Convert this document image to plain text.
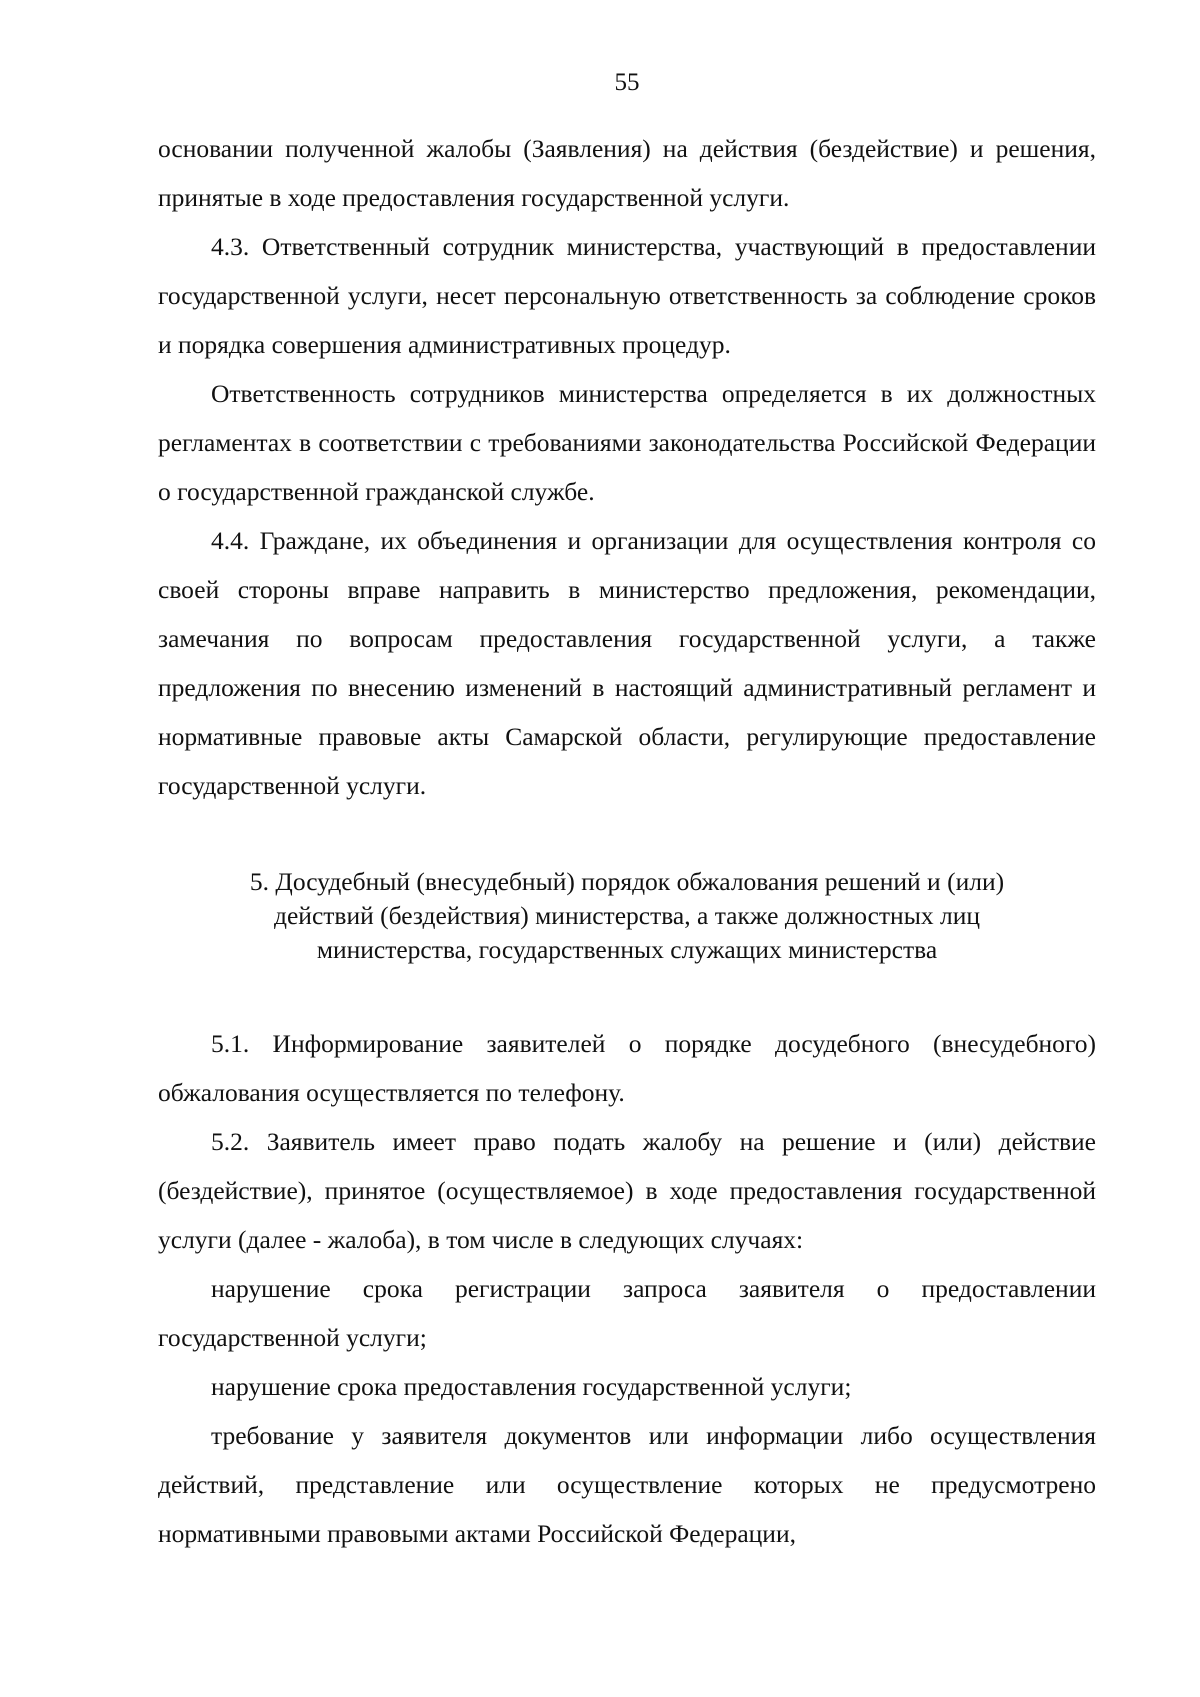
55

основании полученной жалобы (Заявления) на действия (бездействие) и решения, принятые в ходе предоставления государственной услуги.

4.3. Ответственный сотрудник министерства, участвующий в предоставлении государственной услуги, несет персональную ответственность за соблюдение сроков и порядка совершения административных процедур.

Ответственность сотрудников министерства определяется в их должностных регламентах в соответствии с требованиями законодательства Российской Федерации о государственной гражданской службе.

4.4. Граждане, их объединения и организации для осуществления контроля со своей стороны вправе направить в министерство предложения, рекомендации, замечания по вопросам предоставления государственной услуги, а также предложения по внесению изменений в настоящий административный регламент и нормативные правовые акты Самарской области, регулирующие предоставление государственной услуги.

5. Досудебный (внесудебный) порядок обжалования решений и (или)
действий (бездействия) министерства, а также должностных лиц
министерства, государственных служащих министерства

5.1. Информирование заявителей о порядке досудебного (внесудебного) обжалования осуществляется по телефону.

5.2. Заявитель имеет право подать жалобу на решение и (или) действие (бездействие), принятое (осуществляемое) в ходе предоставления государственной услуги (далее - жалоба), в том числе в следующих случаях:

нарушение срока регистрации запроса заявителя о предоставлении государственной услуги;

нарушение срока предоставления государственной услуги;

требование у заявителя документов или информации либо осуществления действий, представление или осуществление которых не предусмотрено нормативными правовыми актами Российской Федерации,
